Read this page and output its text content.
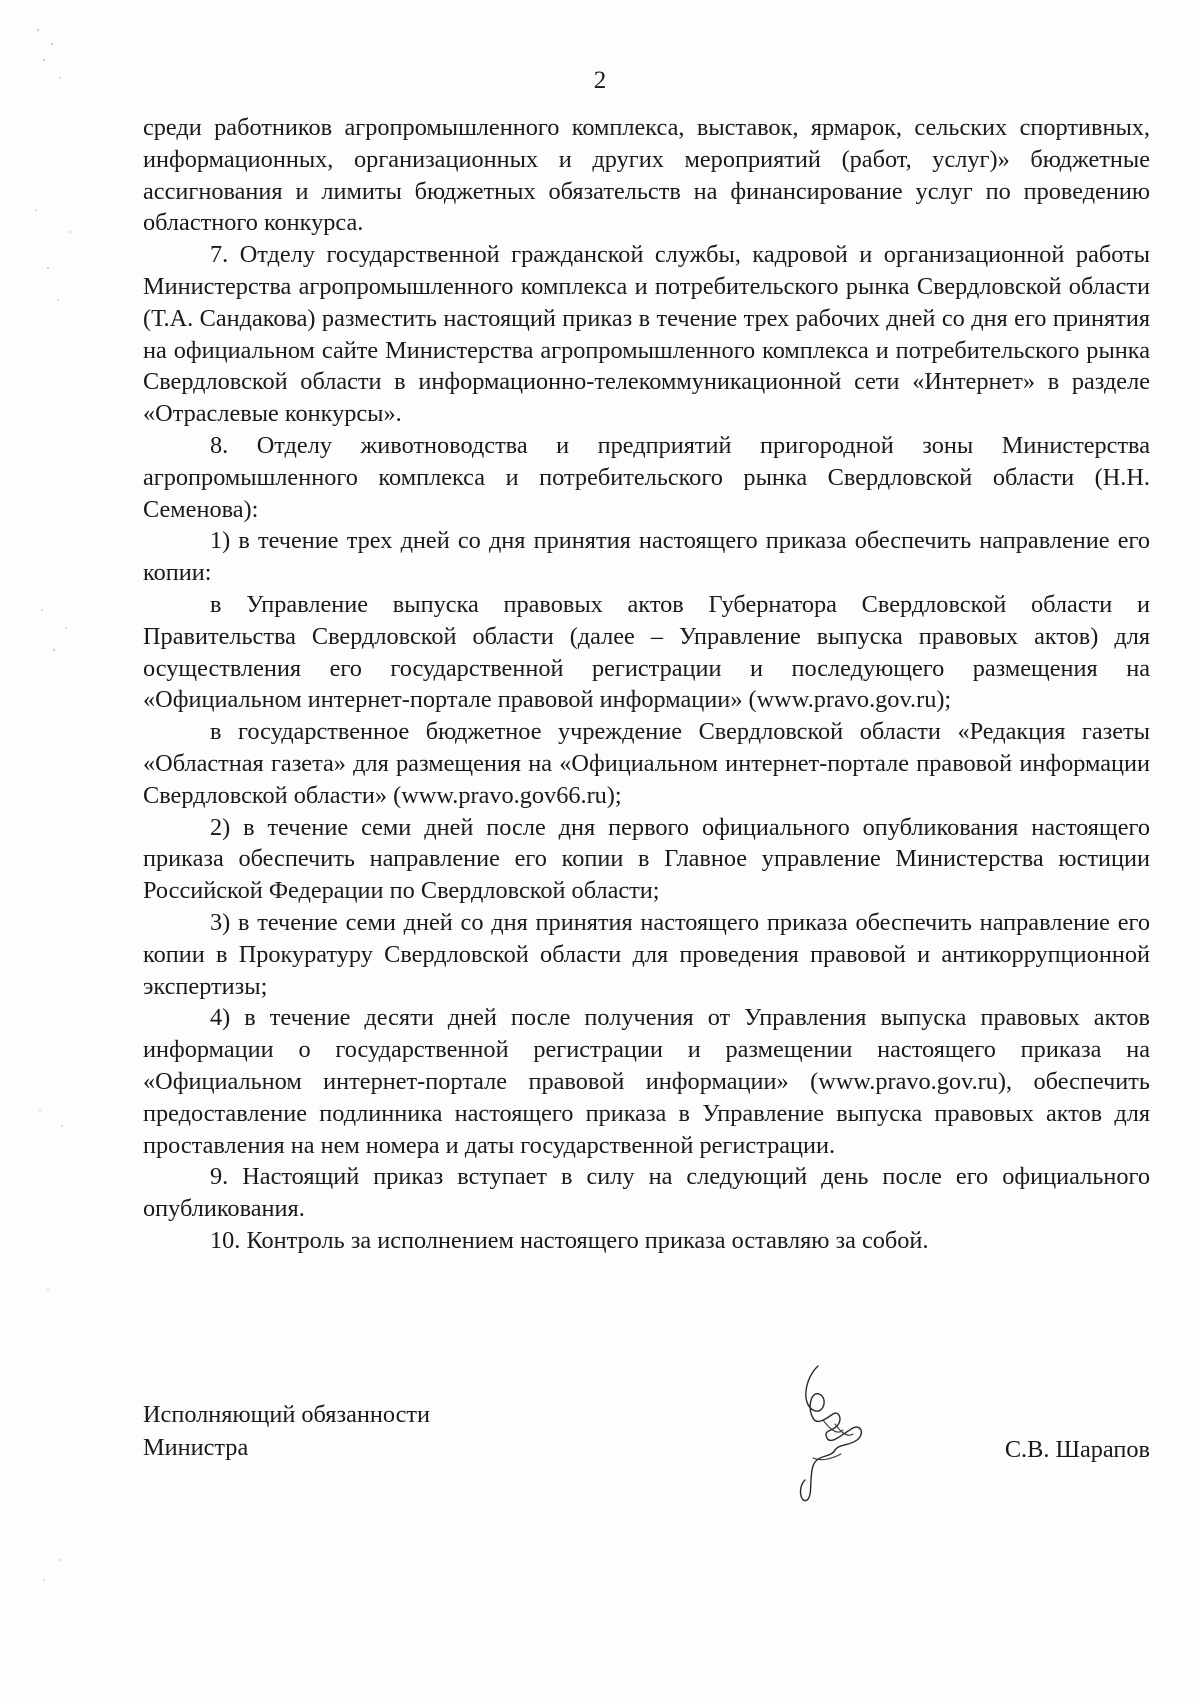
2

среди работников агропромышленного комплекса, выставок, ярмарок, сельских спортивных, информационных, организационных и других мероприятий (работ, услуг)» бюджетные ассигнования и лимиты бюджетных обязательств на финансирование услуг по проведению областного конкурса.

7. Отделу государственной гражданской службы, кадровой и организационной работы Министерства агропромышленного комплекса и потребительского рынка Свердловской области (Т.А. Сандакова) разместить настоящий приказ в течение трех рабочих дней со дня его принятия на официальном сайте Министерства агропромышленного комплекса и потребительского рынка Свердловской области в информационно-телекоммуникационной сети «Интернет» в разделе «Отраслевые конкурсы».

8. Отделу животноводства и предприятий пригородной зоны Министерства агропромышленного комплекса и потребительского рынка Свердловской области (Н.Н. Семенова):

1) в течение трех дней со дня принятия настоящего приказа обеспечить направление его копии:

в Управление выпуска правовых актов Губернатора Свердловской области и Правительства Свердловской области (далее – Управление выпуска правовых актов) для осуществления его государственной регистрации и последующего размещения на «Официальном интернет-портале правовой информации» (www.pravo.gov.ru);

в государственное бюджетное учреждение Свердловской области «Редакция газеты «Областная газета» для размещения на «Официальном интернет-портале правовой информации Свердловской области» (www.pravo.gov66.ru);

2) в течение семи дней после дня первого официального опубликования настоящего приказа обеспечить направление его копии в Главное управление Министерства юстиции Российской Федерации по Свердловской области;

3) в течение семи дней со дня принятия настоящего приказа обеспечить направление его копии в Прокуратуру Свердловской области для проведения правовой и антикоррупционной экспертизы;

4) в течение десяти дней после получения от Управления выпуска правовых актов информации о государственной регистрации и размещении настоящего приказа на «Официальном интернет-портале правовой информации» (www.pravo.gov.ru), обеспечить предоставление подлинника настоящего приказа в Управление выпуска правовых актов для проставления на нем номера и даты государственной регистрации.

9. Настоящий приказ вступает в силу на следующий день после его официального опубликования.

10. Контроль за исполнением настоящего приказа оставляю за собой.

Исполняющий обязанности
Министра	С.В. Шарапов
